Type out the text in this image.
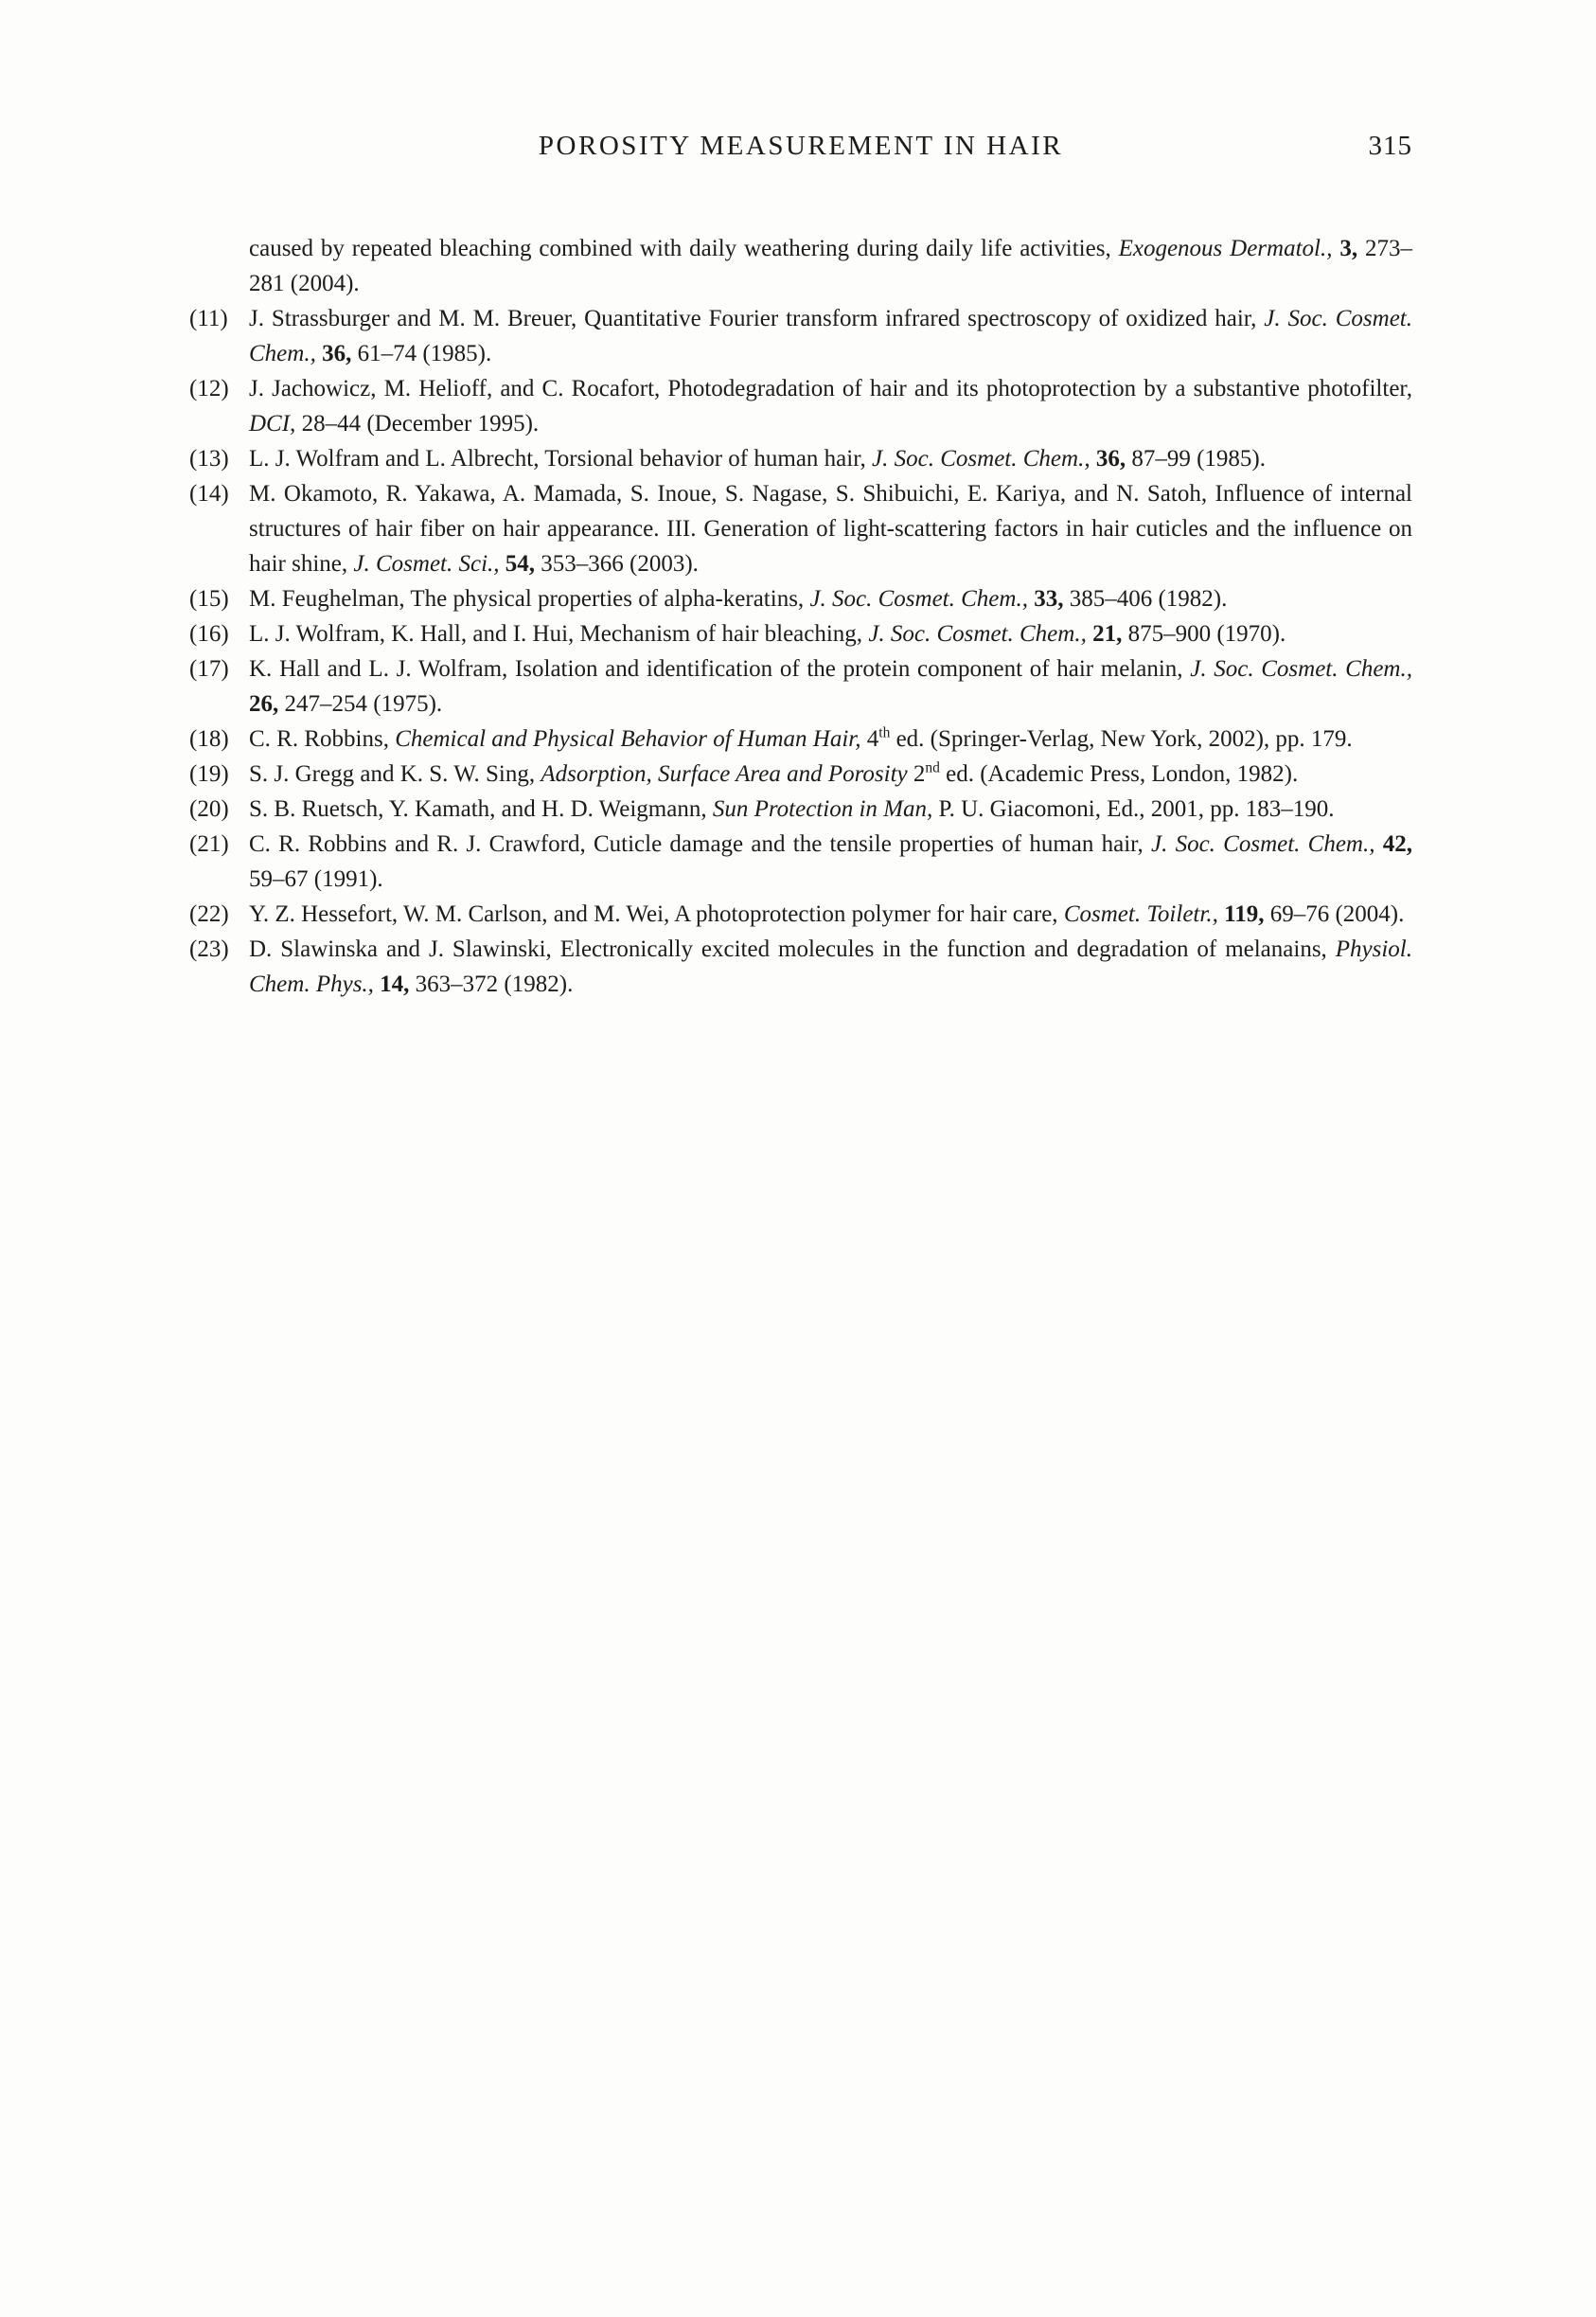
POROSITY MEASUREMENT IN HAIR	315
caused by repeated bleaching combined with daily weathering during daily life activities, Exogenous Dermatol., 3, 273–281 (2004).
(11) J. Strassburger and M. M. Breuer, Quantitative Fourier transform infrared spectroscopy of oxidized hair, J. Soc. Cosmet. Chem., 36, 61–74 (1985).
(12) J. Jachowicz, M. Helioff, and C. Rocafort, Photodegradation of hair and its photoprotection by a substantive photofilter, DCI, 28–44 (December 1995).
(13) L. J. Wolfram and L. Albrecht, Torsional behavior of human hair, J. Soc. Cosmet. Chem., 36, 87–99 (1985).
(14) M. Okamoto, R. Yakawa, A. Mamada, S. Inoue, S. Nagase, S. Shibuichi, E. Kariya, and N. Satoh, Influence of internal structures of hair fiber on hair appearance. III. Generation of light-scattering factors in hair cuticles and the influence on hair shine, J. Cosmet. Sci., 54, 353–366 (2003).
(15) M. Feughelman, The physical properties of alpha-keratins, J. Soc. Cosmet. Chem., 33, 385–406 (1982).
(16) L. J. Wolfram, K. Hall, and I. Hui, Mechanism of hair bleaching, J. Soc. Cosmet. Chem., 21, 875–900 (1970).
(17) K. Hall and L. J. Wolfram, Isolation and identification of the protein component of hair melanin, J. Soc. Cosmet. Chem., 26, 247–254 (1975).
(18) C. R. Robbins, Chemical and Physical Behavior of Human Hair, 4th ed. (Springer-Verlag, New York, 2002), pp. 179.
(19) S. J. Gregg and K. S. W. Sing, Adsorption, Surface Area and Porosity 2nd ed. (Academic Press, London, 1982).
(20) S. B. Ruetsch, Y. Kamath, and H. D. Weigmann, Sun Protection in Man, P. U. Giacomoni, Ed., 2001, pp. 183–190.
(21) C. R. Robbins and R. J. Crawford, Cuticle damage and the tensile properties of human hair, J. Soc. Cosmet. Chem., 42, 59–67 (1991).
(22) Y. Z. Hessefort, W. M. Carlson, and M. Wei, A photoprotection polymer for hair care, Cosmet. Toiletr., 119, 69–76 (2004).
(23) D. Slawinska and J. Slawinski, Electronically excited molecules in the function and degradation of melanains, Physiol. Chem. Phys., 14, 363–372 (1982).
